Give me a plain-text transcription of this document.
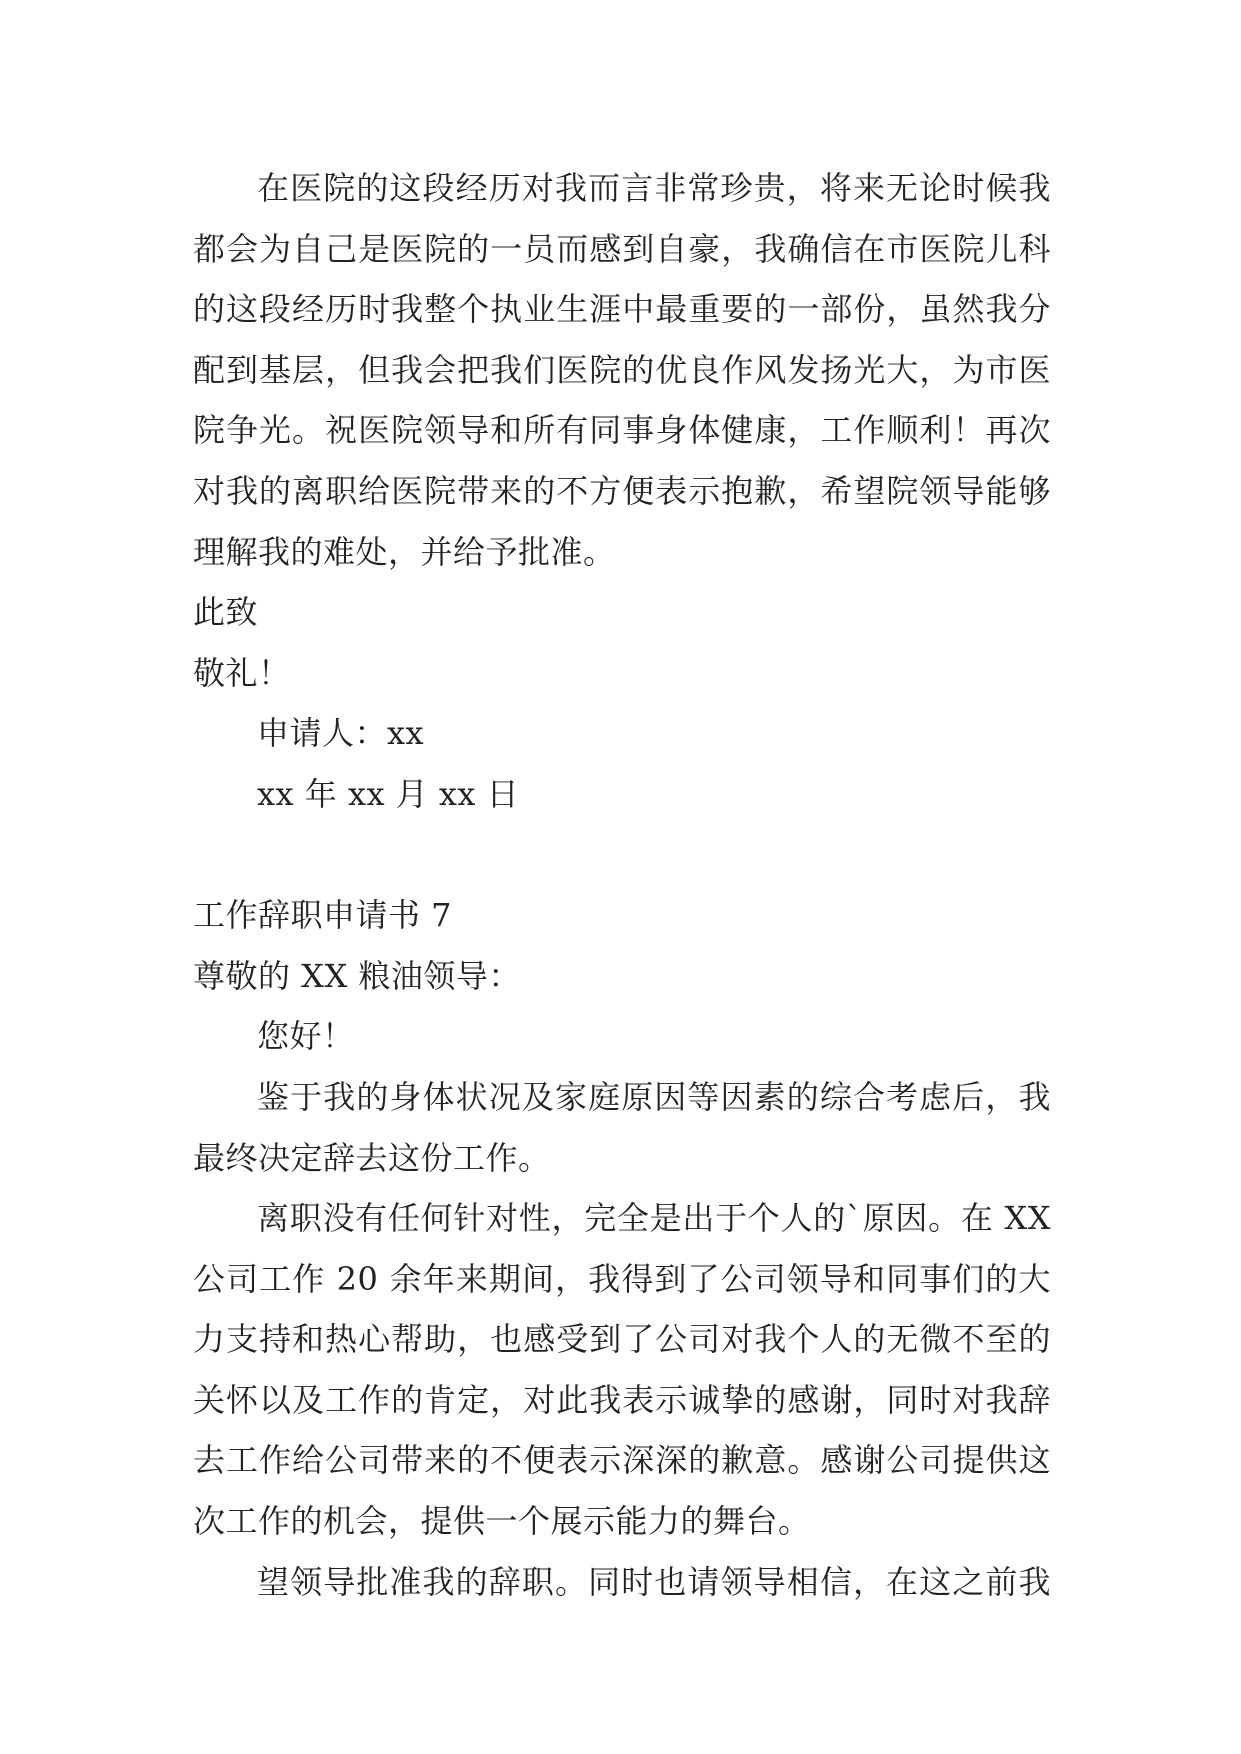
在医院的这段经历对我而言非常珍贵，将来无论时候我
都会为自己是医院的一员而感到自豪，我确信在市医院儿科
的这段经历时我整个执业生涯中最重要的一部份，虽然我分
配到基层，但我会把我们医院的优良作风发扬光大，为市医
院争光。祝医院领导和所有同事身体健康，工作顺利！再次
对我的离职给医院带来的不方便表示抱歉，希望院领导能够
理解我的难处，并给予批准。
此致
敬礼！
申请人：xx
xx 年 xx 月 xx 日
工作辞职申请书 7
尊敬的 XX 粮油领导：
您好！
鉴于我的身体状况及家庭原因等因素的综合考虑后，我
最终决定辞去这份工作。
离职没有任何针对性，完全是出于个人的`原因。在 XX
公司工作 20 余年来期间，我得到了公司领导和同事们的大
力支持和热心帮助，也感受到了公司对我个人的无微不至的
关怀以及工作的肯定，对此我表示诚挚的感谢，同时对我辞
去工作给公司带来的不便表示深深的歉意。感谢公司提供这
次工作的机会，提供一个展示能力的舞台。
望领导批准我的辞职。同时也请领导相信，在这之前我
